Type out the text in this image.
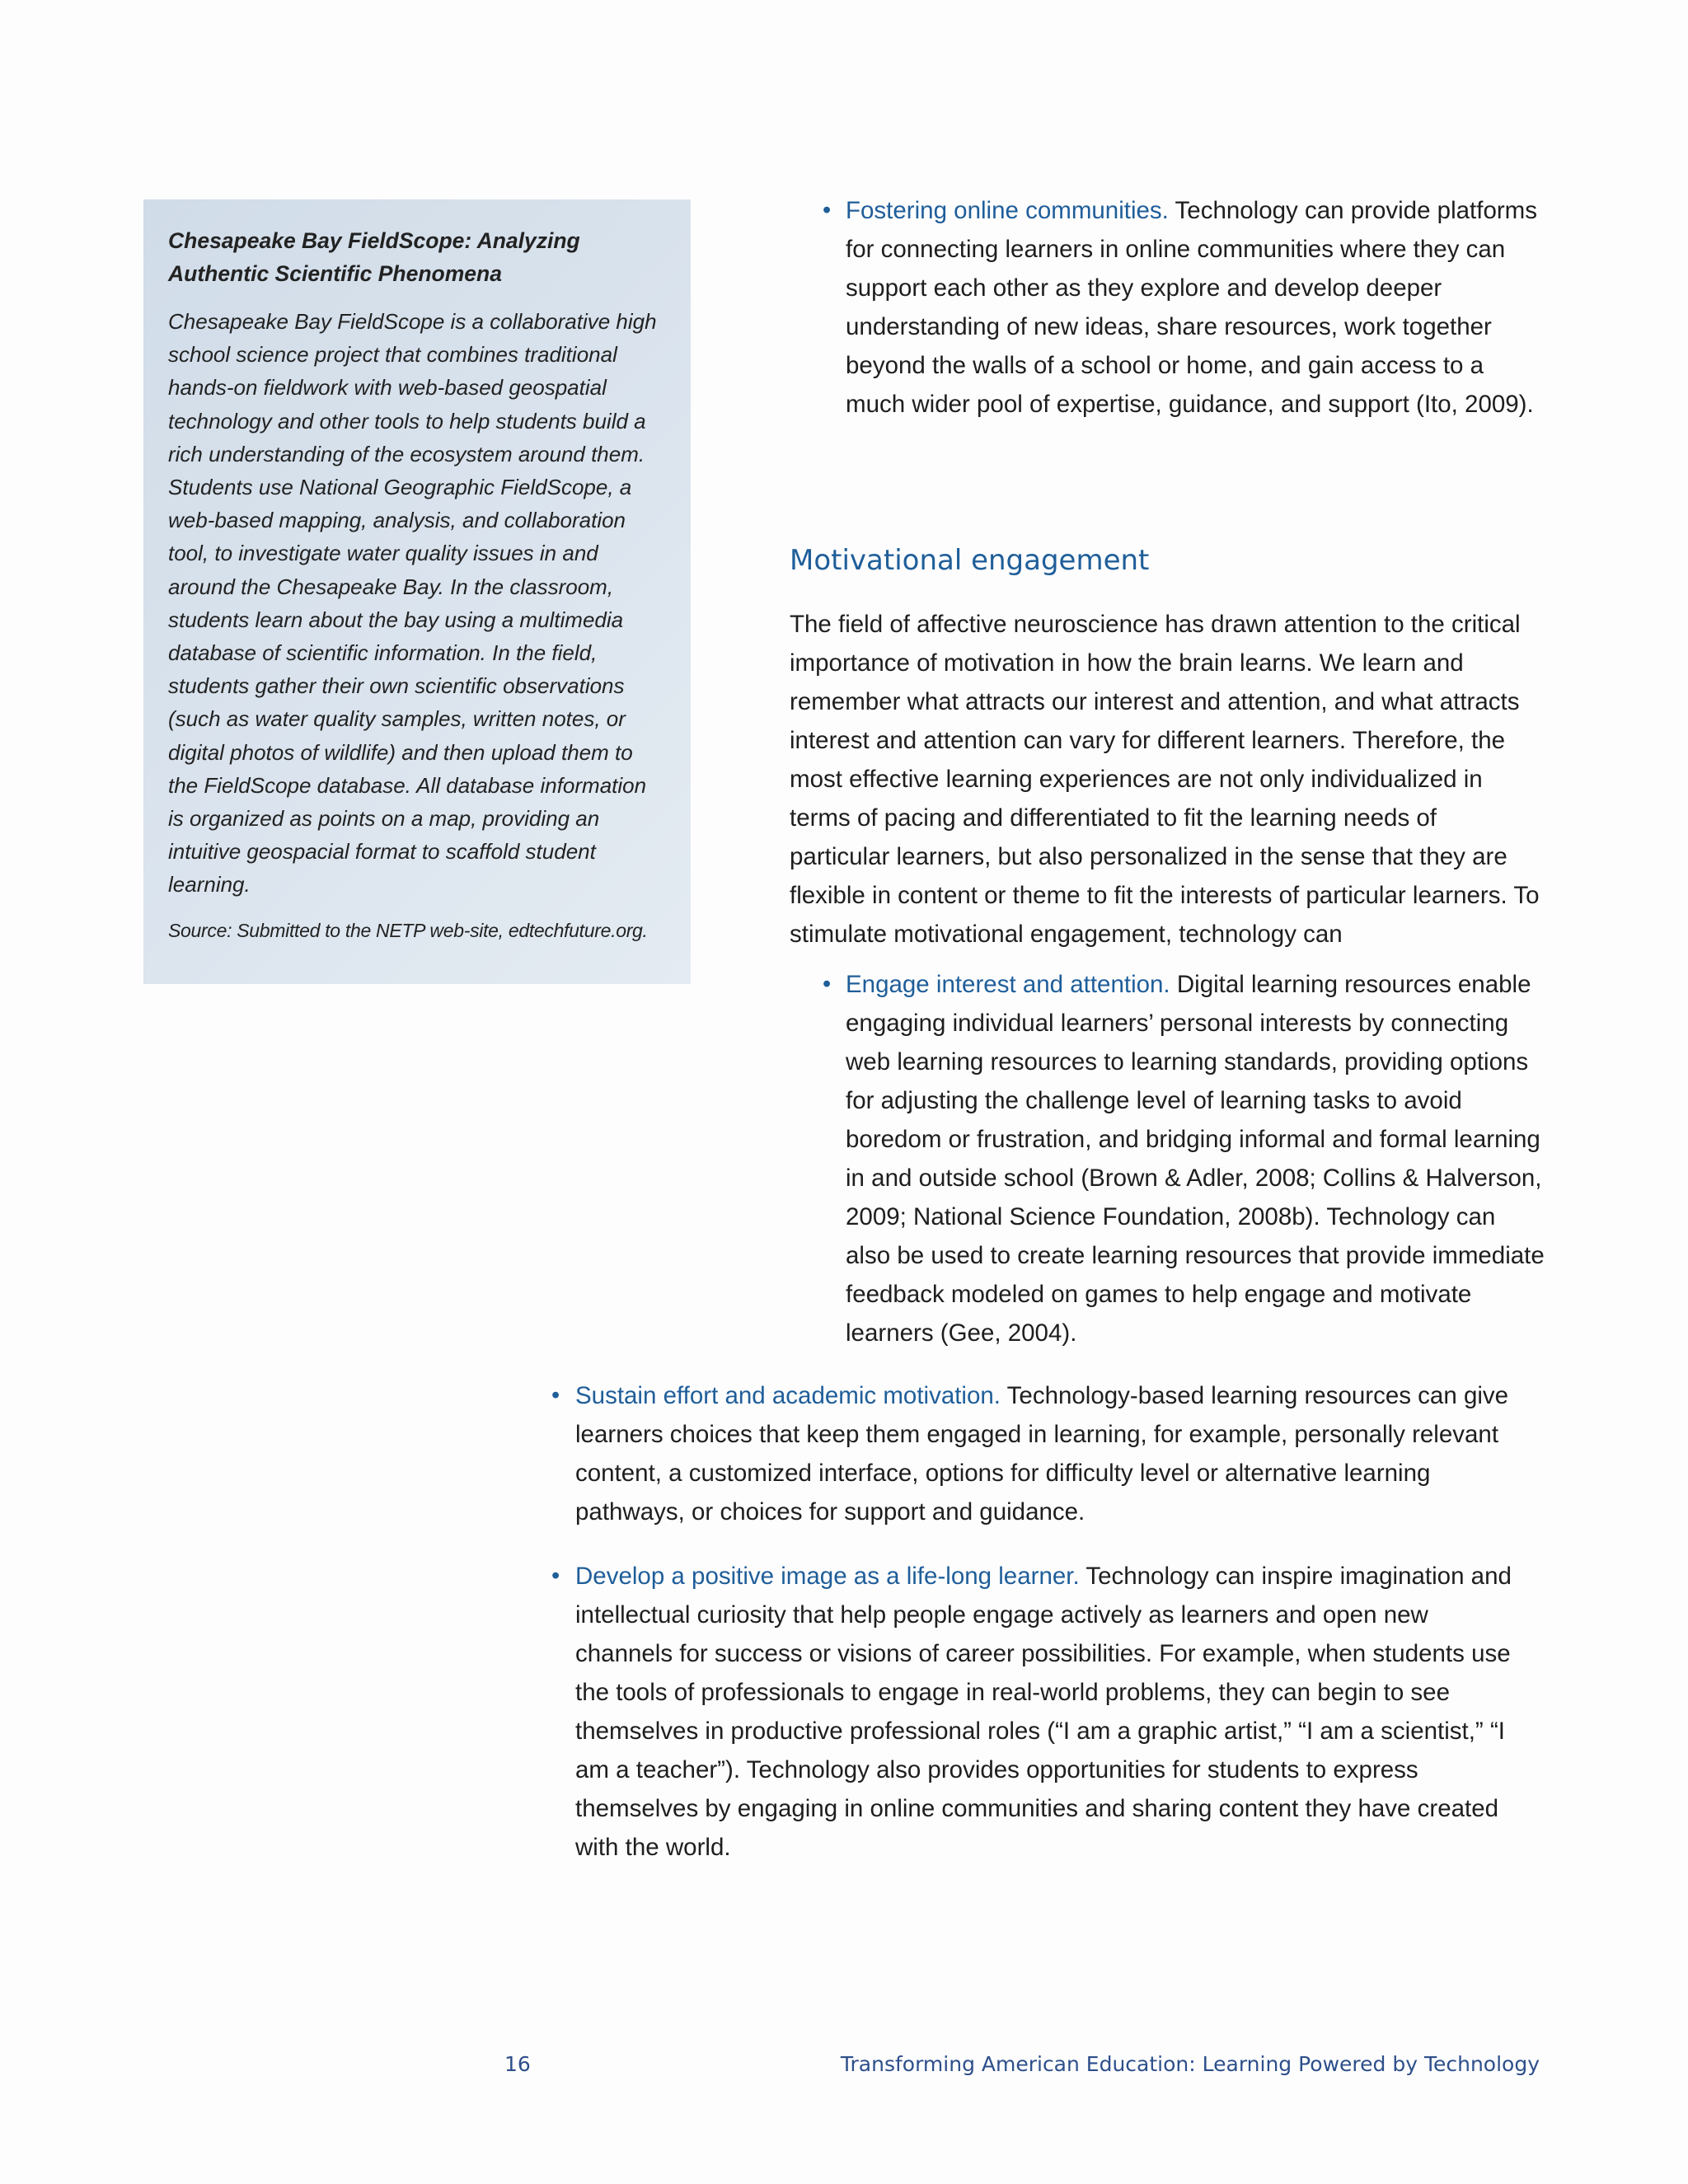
Chesapeake Bay FieldScope: Analyzing Authentic Scientific Phenomena

Chesapeake Bay FieldScope is a collaborative high school science project that combines traditional hands-on fieldwork with web-based geospatial technology and other tools to help students build a rich understanding of the ecosystem around them. Students use National Geographic FieldScope, a web-based mapping, analysis, and collaboration tool, to investigate water quality issues in and around the Chesapeake Bay. In the classroom, students learn about the bay using a multimedia database of scientific information. In the field, students gather their own scientific observations (such as water quality samples, written notes, or digital photos of wildlife) and then upload them to the FieldScope database. All database information is organized as points on a map, providing an intuitive geospacial format to scaffold student learning.

Source: Submitted to the NETP web-site, edtechfuture.org.

• Fostering online communities. Technology can provide platforms for connecting learners in online communities where they can support each other as they explore and develop deeper understanding of new ideas, share resources, work together beyond the walls of a school or home, and gain access to a much wider pool of expertise, guidance, and support (Ito, 2009).

Motivational engagement

The field of affective neuroscience has drawn attention to the critical importance of motivation in how the brain learns. We learn and remember what attracts our interest and attention, and what attracts interest and attention can vary for different learners. Therefore, the most effective learning experiences are not only individualized in terms of pacing and differentiated to fit the learning needs of particular learners, but also personalized in the sense that they are flexible in content or theme to fit the interests of particular learners. To stimulate motivational engagement, technology can

• Engage interest and attention. Digital learning resources enable engaging individual learners’ personal interests by connecting web learning resources to learning standards, providing options for adjusting the challenge level of learning tasks to avoid boredom or frustration, and bridging informal and formal learning in and outside school (Brown & Adler, 2008; Collins & Halverson, 2009; National Science Foundation, 2008b). Technology can also be used to create learning resources that provide immediate feedback modeled on games to help engage and motivate learners (Gee, 2004).

• Sustain effort and academic motivation. Technology-based learning resources can give learners choices that keep them engaged in learning, for example, personally relevant content, a customized interface, options for difficulty level or alternative learning pathways, or choices for support and guidance.

• Develop a positive image as a life-long learner. Technology can inspire imagination and intellectual curiosity that help people engage actively as learners and open new channels for success or visions of career possibilities. For example, when students use the tools of professionals to engage in real-world problems, they can begin to see themselves in productive professional roles (“I am a graphic artist,” “I am a scientist,” “I am a teacher”). Technology also provides opportunities for students to express themselves by engaging in online communities and sharing content they have created with the world.

16	Transforming American Education: Learning Powered by Technology
